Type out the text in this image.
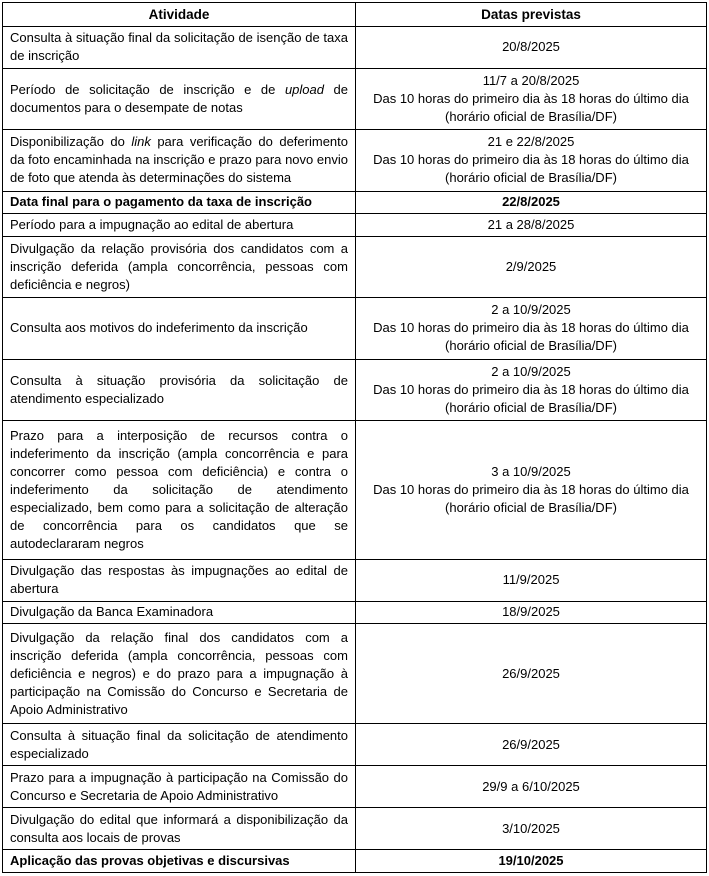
Atividade	Datas previstas
Consulta à situação final da solicitação de isenção de taxa de inscrição	20/8/2025

Período de solicitação de inscrição e de upload de documentos para o desempate de notas	11/7 a 20/8/2025
Das 10 horas do primeiro dia às 18 horas do último dia (horário oficial de Brasília/DF)

Disponibilização do link para verificação do deferimento da foto encaminhada na inscrição e prazo para novo envio de foto que atenda às determinações do sistema	21 e 22/8/2025
Das 10 horas do primeiro dia às 18 horas do último dia (horário oficial de Brasília/DF)

Data final para o pagamento da taxa de inscrição	22/8/2025

Período para a impugnação ao edital de abertura	21 a 28/8/2025

Divulgação da relação provisória dos candidatos com a inscrição deferida (ampla concorrência, pessoas com deficiência e negros)	2/9/2025

Consulta aos motivos do indeferimento da inscrição	2 a 10/9/2025
Das 10 horas do primeiro dia às 18 horas do último dia (horário oficial de Brasília/DF)

Consulta à situação provisória da solicitação de atendimento especializado	2 a 10/9/2025
Das 10 horas do primeiro dia às 18 horas do último dia (horário oficial de Brasília/DF)

Prazo para a interposição de recursos contra o indeferimento da inscrição (ampla concorrência e para concorrer como pessoa com deficiência) e contra o indeferimento da solicitação de atendimento especializado, bem como para a solicitação de alteração de concorrência para os candidatos que se autodeclararam negros	3 a 10/9/2025
Das 10 horas do primeiro dia às 18 horas do último dia (horário oficial de Brasília/DF)

Divulgação das respostas às impugnações ao edital de abertura	11/9/2025

Divulgação da Banca Examinadora	18/9/2025

Divulgação da relação final dos candidatos com a inscrição deferida (ampla concorrência, pessoas com deficiência e negros) e do prazo para a impugnação à participação na Comissão do Concurso e Secretaria de Apoio Administrativo	26/9/2025

Consulta à situação final da solicitação de atendimento especializado	26/9/2025

Prazo para a impugnação à participação na Comissão do Concurso e Secretaria de Apoio Administrativo	29/9 a 6/10/2025

Divulgação do edital que informará a disponibilização da consulta aos locais de provas	3/10/2025

Aplicação das provas objetivas e discursivas	19/10/2025
